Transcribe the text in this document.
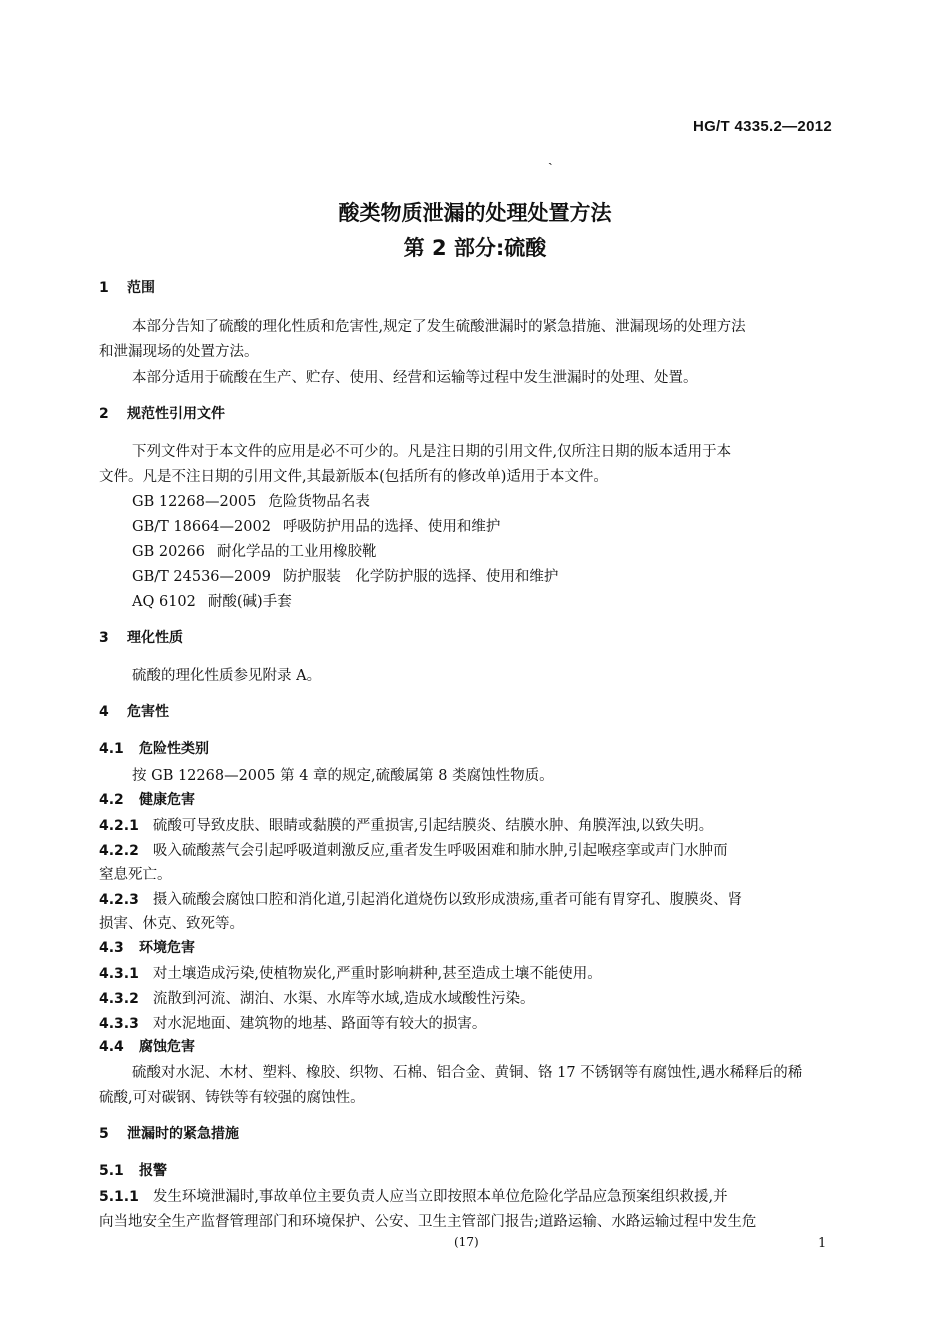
HG/T 4335.2—2012
ˏ
酸类物质泄漏的处理处置方法
第 2 部分:硫酸
1 范围
本部分告知了硫酸的理化性质和危害性,规定了发生硫酸泄漏时的紧急措施、泄漏现场的处理方法
和泄漏现场的处置方法。
本部分适用于硫酸在生产、贮存、使用、经营和运输等过程中发生泄漏时的处理、处置。
2 规范性引用文件
下列文件对于本文件的应用是必不可少的。凡是注日期的引用文件,仅所注日期的版本适用于本
文件。凡是不注日期的引用文件,其最新版本(包括所有的修改单)适用于本文件。
GB 12268—2005 危险货物品名表
GB/T 18664—2002 呼吸防护用品的选择、使用和维护
GB 20266 耐化学品的工业用橡胶靴
GB/T 24536—2009 防护服装　化学防护服的选择、使用和维护
AQ 6102 耐酸(碱)手套
3 理化性质
硫酸的理化性质参见附录 A。
4 危害性
4.1 危险性类别
按 GB 12268—2005 第 4 章的规定,硫酸属第 8 类腐蚀性物质。
4.2 健康危害
4.2.1 硫酸可导致皮肤、眼睛或黏膜的严重损害,引起结膜炎、结膜水肿、角膜浑浊,以致失明。
4.2.2 吸入硫酸蒸气会引起呼吸道刺激反应,重者发生呼吸困难和肺水肿,引起喉痉挛或声门水肿而
窒息死亡。
4.2.3 摄入硫酸会腐蚀口腔和消化道,引起消化道烧伤以致形成溃疡,重者可能有胃穿孔、腹膜炎、肾
损害、休克、致死等。
4.3 环境危害
4.3.1 对土壤造成污染,使植物炭化,严重时影响耕种,甚至造成土壤不能使用。
4.3.2 流散到河流、湖泊、水渠、水库等水域,造成水域酸性污染。
4.3.3 对水泥地面、建筑物的地基、路面等有较大的损害。
4.4 腐蚀危害
硫酸对水泥、木材、塑料、橡胶、织物、石棉、铝合金、黄铜、铬 17 不锈钢等有腐蚀性,遇水稀释后的稀
硫酸,可对碳钢、铸铁等有较强的腐蚀性。
5 泄漏时的紧急措施
5.1 报警
5.1.1 发生环境泄漏时,事故单位主要负责人应当立即按照本单位危险化学品应急预案组织救援,并
向当地安全生产监督管理部门和环境保护、公安、卫生主管部门报告;道路运输、水路运输过程中发生危
(17)	1
